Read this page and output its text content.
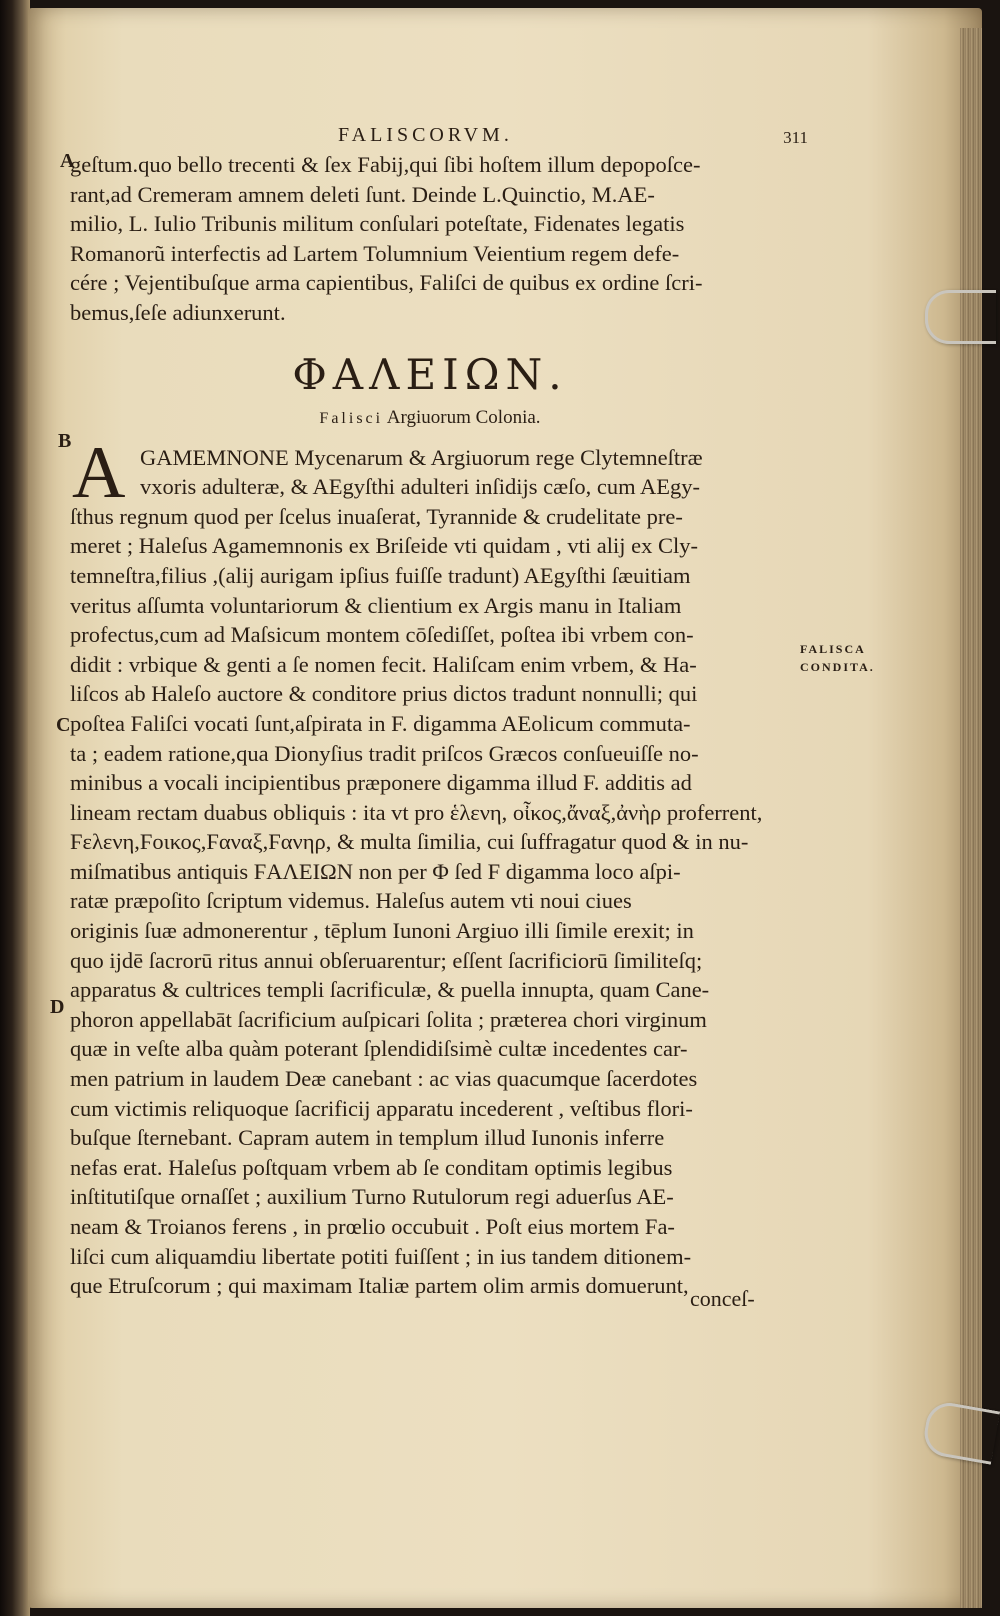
A
B
C
D
FALISCORVM.	311
geſtum.quo bello trecenti & ſex Fabij,qui ſibi hoſtem illum depopoſce-
rant,ad Cremeram amnem deleti ſunt. Deinde L.Quinctio, M.AE-
milio, L. Iulio Tribunis militum conſulari poteſtate, Fidenates legatis
Romanorũ interfectis ad Lartem Tolumnium Veientium regem defe-
cére ; Vejentibuſque arma capientibus, Faliſci de quibus ex ordine ſcri-
bemus,ſeſe adiunxerunt.
ΦΑΛΕΙΩΝ.
Falisci Argiuorum Colonia.
A GAMEMNONE Mycenarum & Argiuorum rege Clytemneſtræ
vxoris adulteræ, & AEgyſthi adulteri inſidijs cæſo, cum AEgy-
ſthus regnum quod per ſcelus inuaſerat, Tyrannide & crudelitate pre-
meret ; Haleſus Agamemnonis ex Briſeide vti quidam , vti alij ex Cly-
temneſtra,filius ,(alij aurigam ipſius fuiſſe tradunt) AEgyſthi ſæuitiam
veritus aſſumta voluntariorum & clientium ex Argis manu in Italiam
profectus,cum ad Maſsicum montem cōſediſſet, poſtea ibi vrbem con-
didit : vrbique & genti a ſe nomen fecit. Haliſcam enim vrbem, & Ha-
liſcos ab Haleſo auctore & conditore prius dictos tradunt nonnulli; qui
poſtea Faliſci vocati ſunt,aſpirata in F. digamma AEolicum commuta-
ta ; eadem ratione,qua Dionyſius tradit priſcos Græcos conſueuiſſe no-
minibus a vocali incipientibus præponere digamma illud F. additis ad
lineam rectam duabus obliquis : ita vt pro ἑλενη, οἶκος,ἄναξ,ἀνὴρ proferrent,
Ϝελενη,Ϝοικος,Ϝαναξ,Ϝανηρ, & multa ſimilia, cui ſuffragatur quod & in nu-
miſmatibus antiquis ϜΑΛΕΙΩΝ non per Φ ſed F digamma loco aſpi-
ratæ præpoſito ſcriptum videmus. Haleſus autem vti noui ciues
originis ſuæ admonerentur , tēplum Iunoni Argiuo illi ſimile erexit; in
quo ijdē ſacrorū ritus annui obſeruarentur; eſſent ſacrificiorū ſimiliteſq;
apparatus & cultrices templi ſacrificulæ, & puella innupta, quam Cane-
phoron appellabāt ſacrificium auſpicari ſolita ; præterea chori virginum
quæ in veſte alba quàm poterant ſplendidiſsimè cultæ incedentes car-
men patrium in laudem Deæ canebant : ac vias quacumque ſacerdotes
cum victimis reliquoque ſacrificij apparatu incederent , veſtibus flori-
buſque ſternebant. Capram autem in templum illud Iunonis inferre
nefas erat. Haleſus poſtquam vrbem ab ſe conditam optimis legibus
inſtitutiſque ornaſſet ; auxilium Turno Rutulorum regi aduerſus AE-
neam & Troianos ferens , in prœlio occubuit . Poſt eius mortem Fa-
liſci cum aliquamdiu libertate potiti fuiſſent ; in ius tandem ditionem-
que Etruſcorum ; qui maximam Italiæ partem olim armis domuerunt,
FALISCA
CONDITA.
conceſ-
